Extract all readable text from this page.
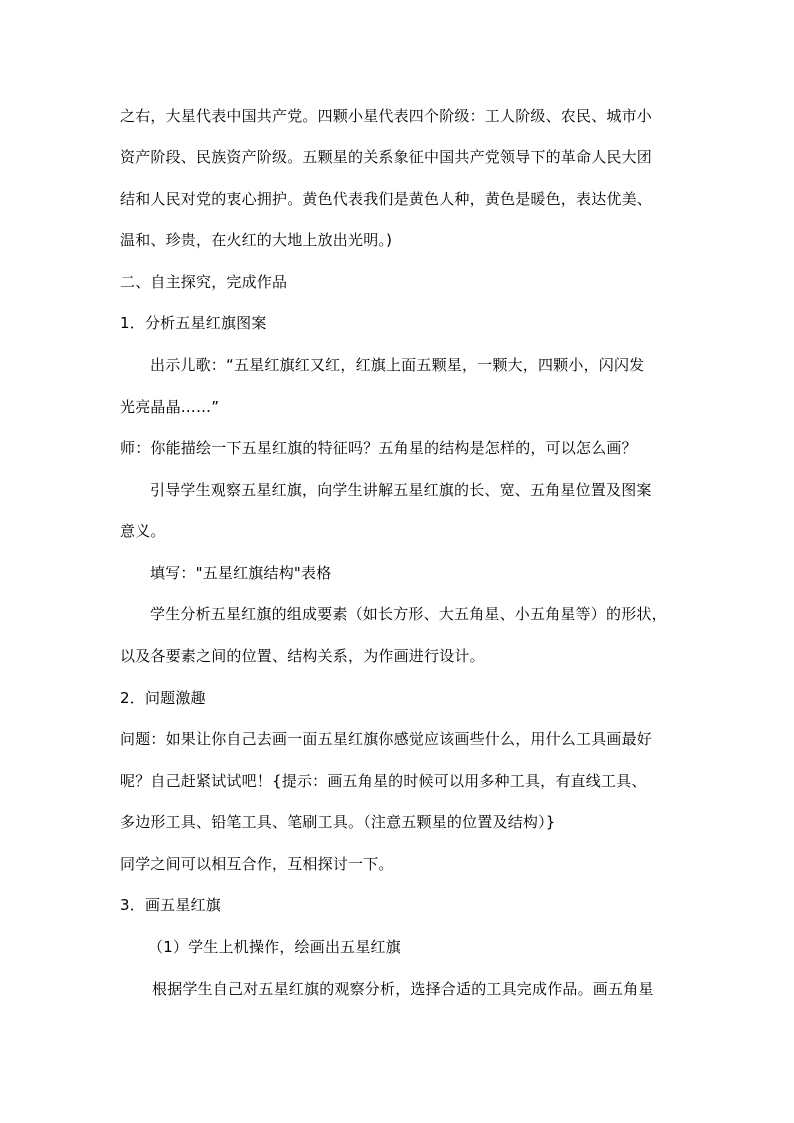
之右，大星代表中国共产党。四颗小星代表四个阶级：工人阶级、农民、城市小
资产阶段、民族资产阶级。五颗星的关系象征中国共产党领导下的革命人民大团
结和人民对党的衷心拥护。黄色代表我们是黄色人种，黄色是暖色，表达优美、
温和、珍贵，在火红的大地上放出光明。)
二、自主探究，完成作品
1．分析五星红旗图案
出示儿歌：“五星红旗红又红，红旗上面五颗星，一颗大，四颗小，闪闪发
光亮晶晶……”
师：你能描绘一下五星红旗的特征吗？五角星的结构是怎样的，可以怎么画？
引导学生观察五星红旗，向学生讲解五星红旗的长、宽、五角星位置及图案
意义。
填写："五星红旗结构"表格
学生分析五星红旗的组成要素（如长方形、大五角星、小五角星等）的形状，
以及各要素之间的位置、结构关系，为作画进行设计。
2．问题激趣
问题：如果让你自己去画一面五星红旗你感觉应该画些什么，用什么工具画最好
呢？自己赶紧试试吧！{提示：画五角星的时候可以用多种工具，有直线工具、
多边形工具、铅笔工具、笔刷工具。（注意五颗星的位置及结构）}
同学之间可以相互合作，互相探讨一下。
3．画五星红旗
（1）学生上机操作，绘画出五星红旗
根据学生自己对五星红旗的观察分析，选择合适的工具完成作品。画五角星
